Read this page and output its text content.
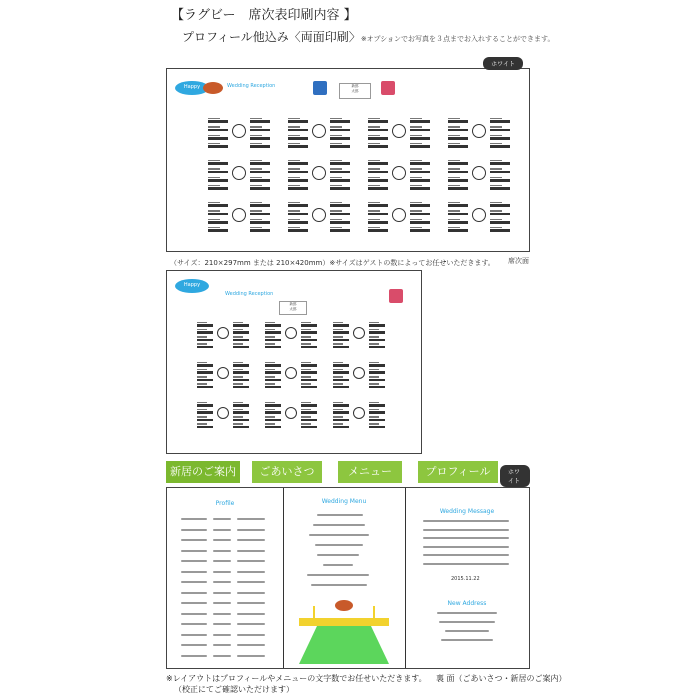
【ラグビー　席次表印刷内容 】
プロフィール他込み〈両面印刷〉※オプションでお写真を３点までお入れすることができます。
ホワイト
Happy wedding!!
Wedding Reception	新郎
太郎
（サイズ：210×297mm または 210×420mm）※サイズはゲストの数によってお任せいただきます。 席次面
Happy wedding!!
Wedding Reception
新郎
太郎
新居のご案内	ごあいさつ	メニュー	プロフィール	ホワイト
Profile	Wedding Menu
Wedding Message
2015.11.22
New Address
※レイアウトはプロフィールやメニューの文字数でお任せいただきます。
（校正にてご確認いただけます）
裏 面（ごあいさつ・新居のご案内）
